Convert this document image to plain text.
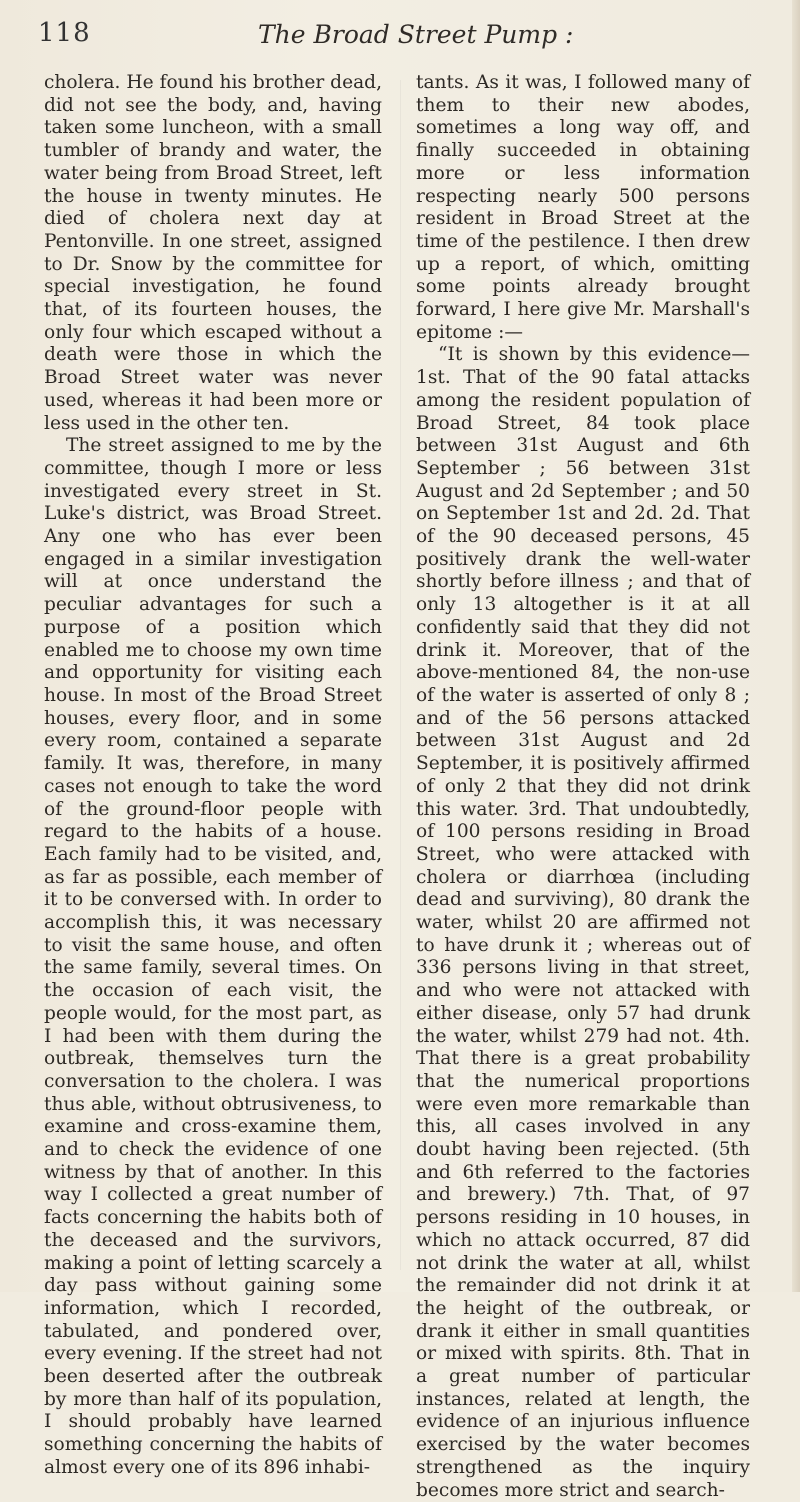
118	The Broad Street Pump :

cholera. He found his brother dead, did not see the body, and, having taken some luncheon, with a small tumbler of brandy and water, the water being from Broad Street, left the house in twenty minutes. He died of cholera next day at Pentonville. In one street, assigned to Dr. Snow by the committee for special investigation, he found that, of its fourteen houses, the only four which escaped without a death were those in which the Broad Street water was never used, whereas it had been more or less used in the other ten.

The street assigned to me by the committee, though I more or less investigated every street in St. Luke's district, was Broad Street. Any one who has ever been engaged in a similar investigation will at once understand the peculiar advantages for such a purpose of a position which enabled me to choose my own time and opportunity for visiting each house. In most of the Broad Street houses, every floor, and in some every room, contained a separate family. It was, therefore, in many cases not enough to take the word of the ground-floor people with regard to the habits of a house. Each family had to be visited, and, as far as possible, each member of it to be conversed with. In order to accomplish this, it was necessary to visit the same house, and often the same family, several times. On the occasion of each visit, the people would, for the most part, as I had been with them during the outbreak, themselves turn the conversation to the cholera. I was thus able, without obtrusiveness, to examine and cross-examine them, and to check the evidence of one witness by that of another. In this way I collected a great number of facts concerning the habits both of the deceased and the survivors, making a point of letting scarcely a day pass without gaining some information, which I recorded, tabulated, and pondered over, every evening. If the street had not been deserted after the outbreak by more than half of its population, I should probably have learned something concerning the habits of almost every one of its 896 inhabi-

tants. As it was, I followed many of them to their new abodes, sometimes a long way off, and finally succeeded in obtaining more or less information respecting nearly 500 persons resident in Broad Street at the time of the pestilence. I then drew up a report, of which, omitting some points already brought forward, I here give Mr. Marshall's epitome :—

“It is shown by this evidence—1st. That of the 90 fatal attacks among the resident population of Broad Street, 84 took place between 31st August and 6th September ; 56 between 31st August and 2d September ; and 50 on September 1st and 2d. 2d. That of the 90 deceased persons, 45 positively drank the well-water shortly before illness ; and that of only 13 altogether is it at all confidently said that they did not drink it. Moreover, that of the above-mentioned 84, the non-use of the water is asserted of only 8 ; and of the 56 persons attacked between 31st August and 2d September, it is positively affirmed of only 2 that they did not drink this water. 3rd. That undoubtedly, of 100 persons residing in Broad Street, who were attacked with cholera or diarrhœa (including dead and surviving), 80 drank the water, whilst 20 are affirmed not to have drunk it ; whereas out of 336 persons living in that street, and who were not attacked with either disease, only 57 had drunk the water, whilst 279 had not. 4th. That there is a great probability that the numerical proportions were even more remarkable than this, all cases involved in any doubt having been rejected. (5th and 6th referred to the factories and brewery.) 7th. That, of 97 persons residing in 10 houses, in which no attack occurred, 87 did not drink the water at all, whilst the remainder did not drink it at the height of the outbreak, or drank it either in small quantities or mixed with spirits. 8th. That in a great number of particular instances, related at length, the evidence of an injurious influence exercised by the water becomes strengthened as the inquiry becomes more strict and search-
